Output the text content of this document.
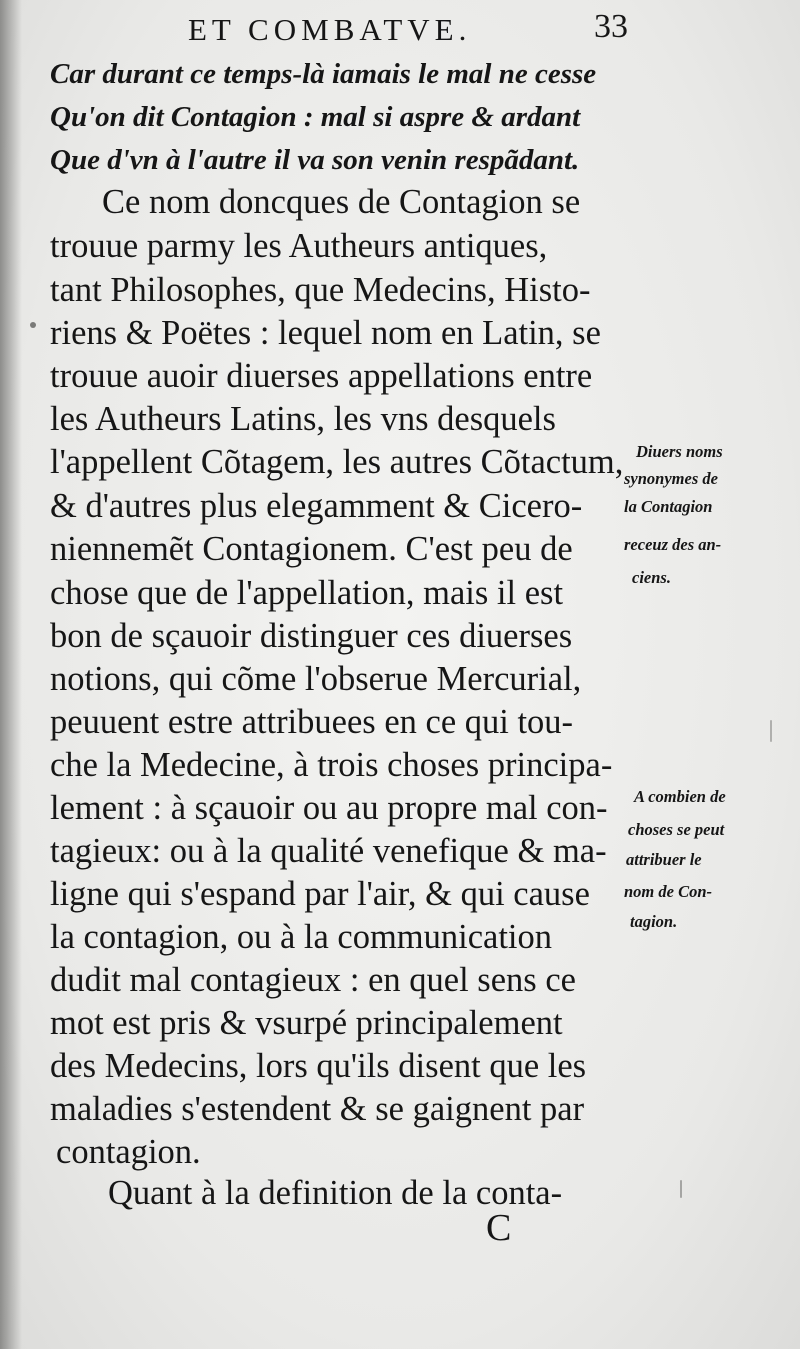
ET COMBATVE.	33
Car durant ce temps-là iamais le mal ne cesse
Qu'on dit Contagion : mal si aspre & ardant
Que d'vn à l'autre il va son venin respãdant.
Ce nom doncques de Contagion se
trouue parmy les Autheurs antiques,
tant Philosophes, que Medecins, Histo-
riens & Poëtes : lequel nom en Latin, se
trouue auoir diuerses appellations entre
les Autheurs Latins, les vns desquels
l'appellent Cõtagem, les autres Cõtactum,
& d'autres plus elegamment & Cicero-
niennemẽt Contagionem. C'est peu de
chose que de l'appellation, mais il est
bon de sçauoir distinguer ces diuerses
notions, qui cõme l'obserue Mercurial,
peuuent estre attribuees en ce qui tou-
che la Medecine, à trois choses principa-
lement : à sçauoir ou au propre mal con-
tagieux: ou à la qualité venefique & ma-
ligne qui s'espand par l'air, & qui cause
la contagion, ou à la communication
dudit mal contagieux : en quel sens ce
mot est pris & vsurpé principalement
des Medecins, lors qu'ils disent que les
maladies s'estendent & se gaignent par
contagion.
Quant à la definition de la conta-
Diuers noms
synonymes de
la Contagion
receuz des an-
ciens.
A combien de
choses se peut
attribuer le
nom de Con-
tagion.
C
